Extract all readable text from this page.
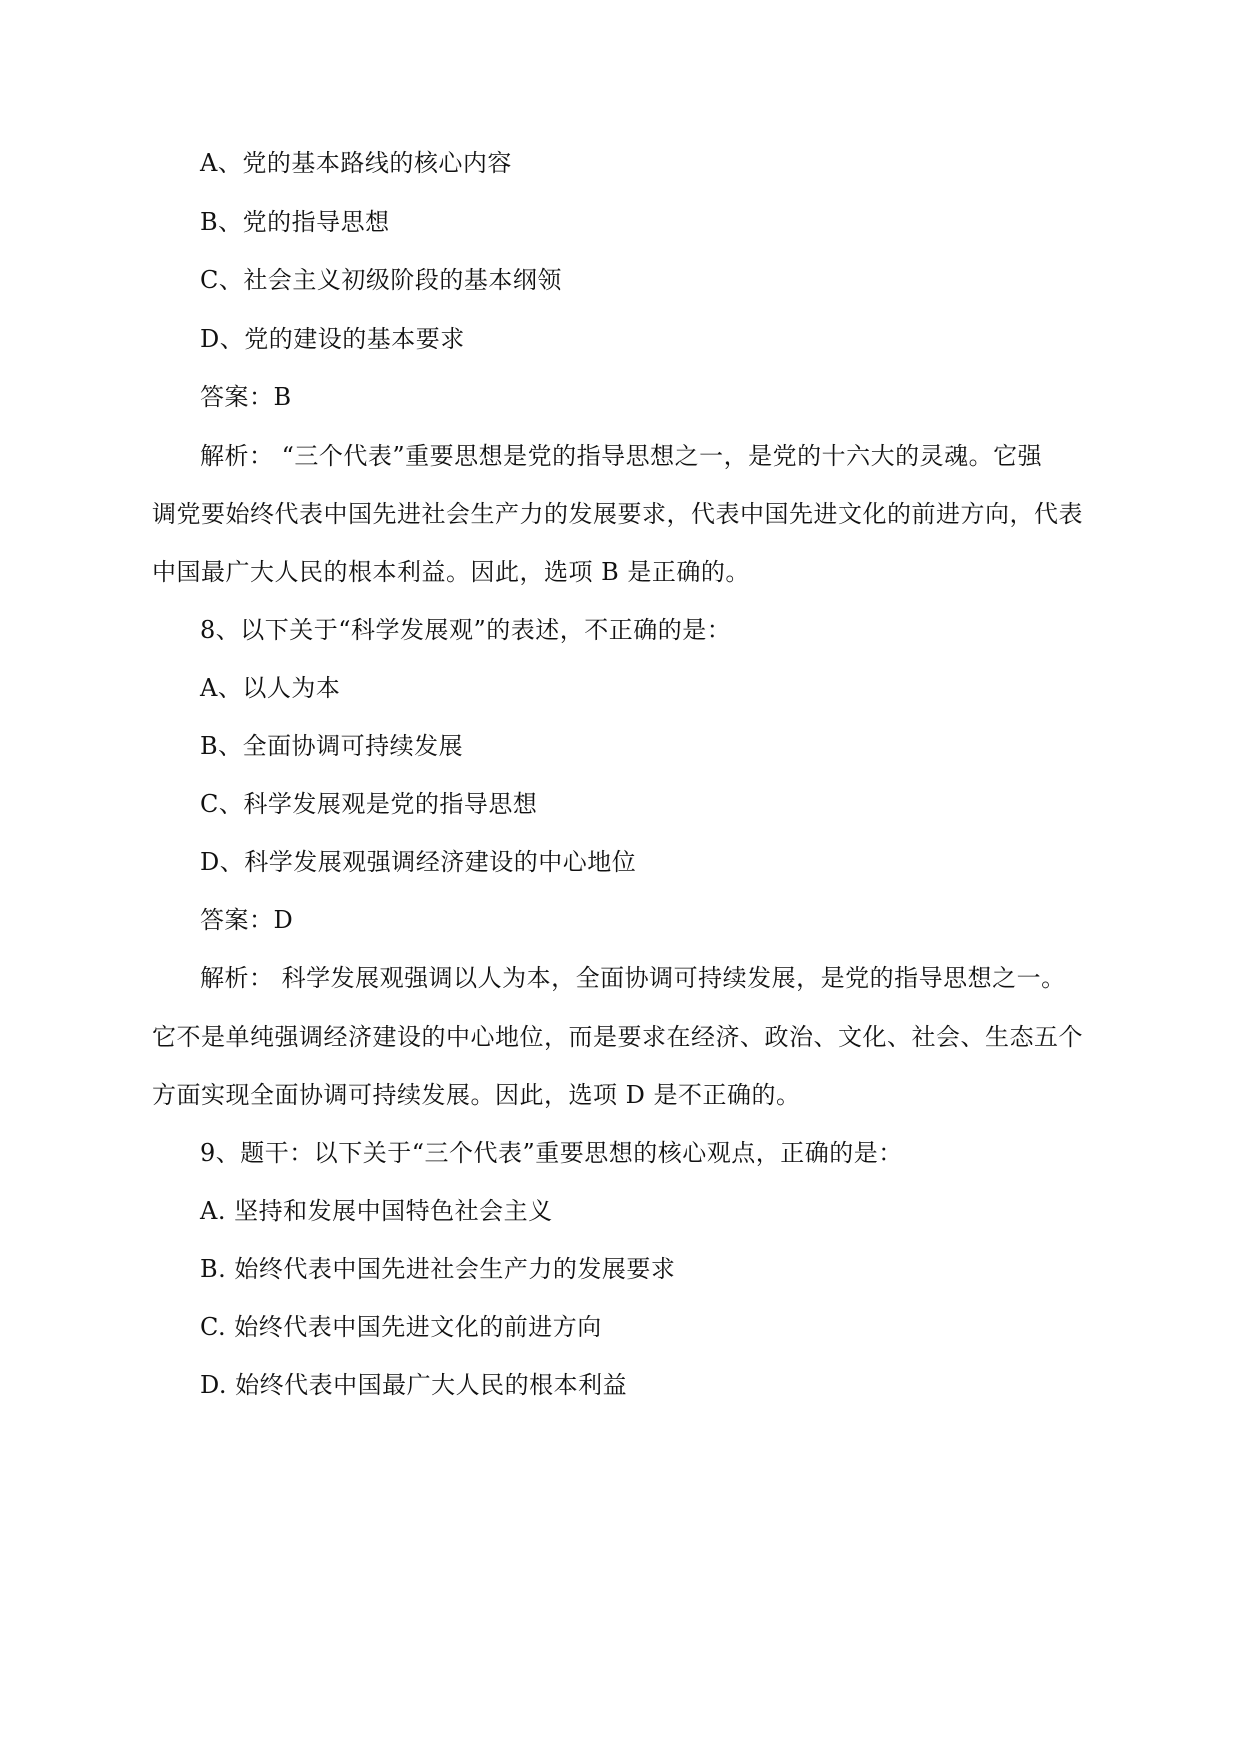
A、党的基本路线的核心内容
B、党的指导思想
C、社会主义初级阶段的基本纲领
D、党的建设的基本要求
答案：B
解析： “三个代表”重要思想是党的指导思想之一，是党的十六大的灵魂。它强
调党要始终代表中国先进社会生产力的发展要求，代表中国先进文化的前进方向，代表
中国最广大人民的根本利益。因此，选项 B 是正确的。
8、以下关于“科学发展观”的表述，不正确的是：
A、以人为本
B、全面协调可持续发展
C、科学发展观是党的指导思想
D、科学发展观强调经济建设的中心地位
答案：D
解析： 科学发展观强调以人为本，全面协调可持续发展，是党的指导思想之一。
它不是单纯强调经济建设的中心地位，而是要求在经济、政治、文化、社会、生态五个
方面实现全面协调可持续发展。因此，选项 D 是不正确的。
9、题干：以下关于“三个代表”重要思想的核心观点，正确的是：
A. 坚持和发展中国特色社会主义
B. 始终代表中国先进社会生产力的发展要求
C. 始终代表中国先进文化的前进方向
D. 始终代表中国最广大人民的根本利益
